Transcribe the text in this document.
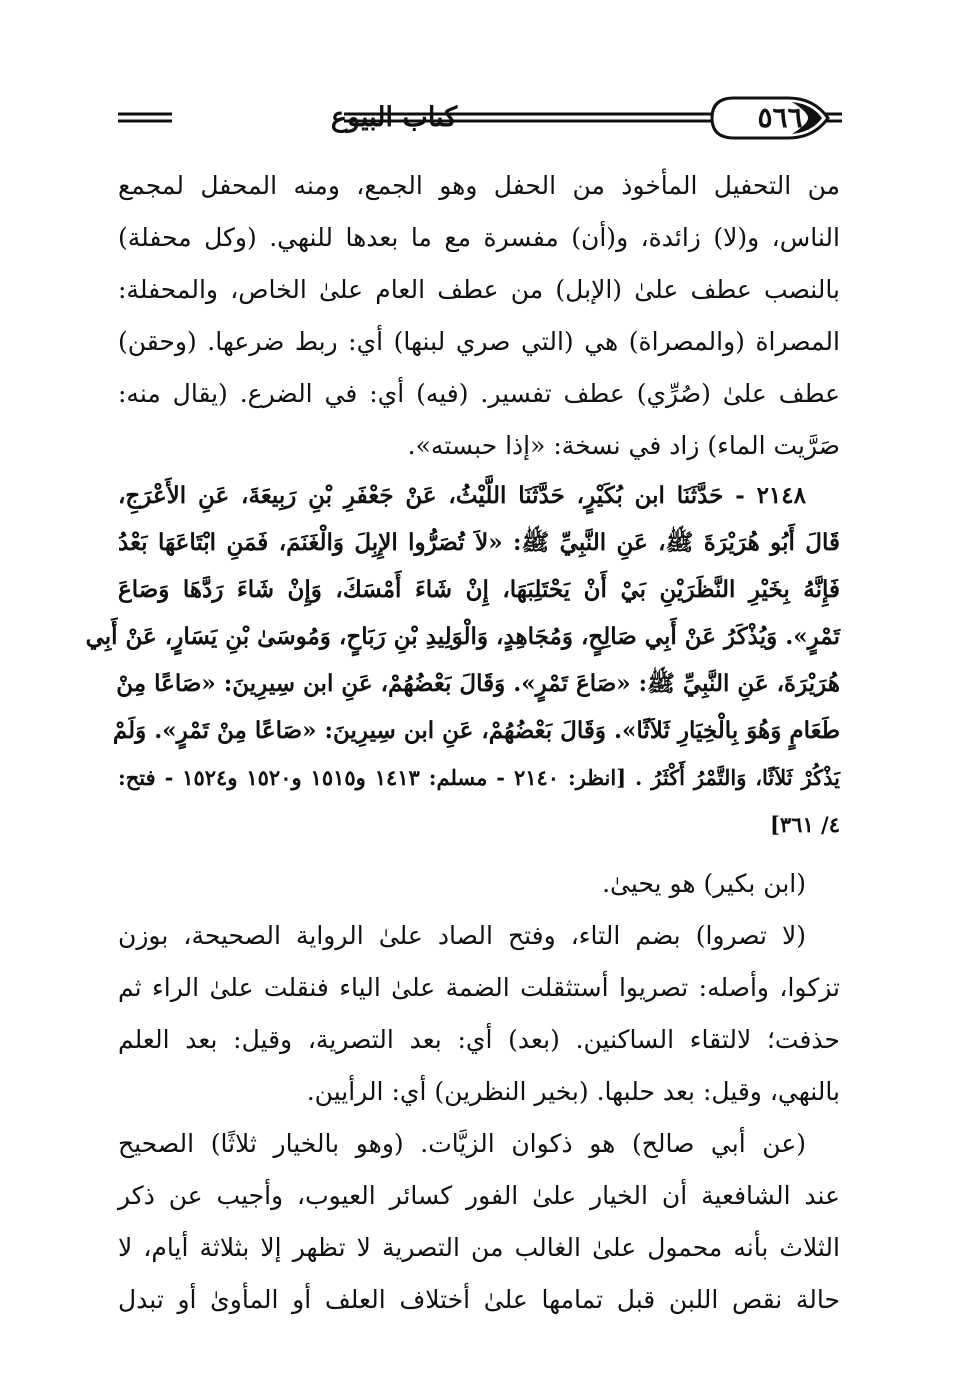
٥٦٦
كتاب البيوع
من التحفيل المأخوذ من الحفل وهو الجمع، ومنه المحفل لمجمع
الناس، و(لا) زائدة، و(أن) مفسرة مع ما بعدها للنهي. (وكل محفلة)
بالنصب عطف علىٰ (الإبل) من عطف العام علىٰ الخاص، والمحفلة:
المصراة (والمصراة) هي (التي صري لبنها) أي: ربط ضرعها. (وحقن)
عطف علىٰ (صُرِّي) عطف تفسير. (فيه) أي: في الضرع. (يقال منه:
صَرَّيت الماء) زاد في نسخة: «إذا حبسته».
٢١٤٨ - حَدَّثَنَا ابن بُكَيْرٍ، حَدَّثَنَا اللَّيْثُ، عَنْ جَعْفَرِ بْنِ رَبِيعَةَ، عَنِ الأَعْرَجِ،
قَالَ أَبُو هُرَيْرَةَ ﷺ، عَنِ النَّبِيِّ ﷺ: «لاَ تُصَرُّوا الإِبِلَ وَالْغَنَمَ، فَمَنِ ابْتَاعَهَا بَعْدُ
فَإِنَّهُ بِخَيْرِ النَّظَرَيْنِ بَيْ أَنْ يَحْتَلِبَهَا، إِنْ شَاءَ أَمْسَكَ، وَإِنْ شَاءَ رَدَّهَا وَصَاعَ
تَمْرٍ». وَيُذْكَرُ عَنْ أَبِي صَالِحٍ، وَمُجَاهِدٍ، وَالْوَلِيدِ بْنِ رَبَاحٍ، وَمُوسَىٰ بْنِ يَسَارٍ، عَنْ أَبِي
هُرَيْرَةَ، عَنِ النَّبِيِّ ﷺ: «صَاعَ تَمْرٍ». وَقَالَ بَعْضُهُمْ، عَنِ ابن سِيرِينَ: «صَاعًا مِنْ
طَعَامٍ وَهُوَ بِالْخِيَارِ ثَلاَثًا». وَقَالَ بَعْضُهُمْ، عَنِ ابن سِيرِينَ: «صَاعًا مِنْ تَمْرٍ». وَلَمْ
يَذْكُرْ ثَلاَثًا، وَالتَّمْرُ أَكْثَرُ . [انظر: ٢١٤٠ - مسلم: ١٤١٣ و١٥١٥ و١٥٢٠ و١٥٢٤ - فتح:
٤/ ٣٦١]
(ابن بكير) هو يحيىٰ.
(لا تصروا) بضم التاء، وفتح الصاد علىٰ الرواية الصحيحة، بوزن
تزكوا، وأصله: تصريوا أستثقلت الضمة علىٰ الياء فنقلت علىٰ الراء ثم
حذفت؛ لالتقاء الساكنين. (بعد) أي: بعد التصرية، وقيل: بعد العلم
بالنهي، وقيل: بعد حلبها. (بخير النظرين) أي: الرأيين.
(عن أبي صالح) هو ذكوان الزيَّات. (وهو بالخيار ثلاثًا) الصحيح
عند الشافعية أن الخيار علىٰ الفور كسائر العيوب، وأجيب عن ذكر
الثلاث بأنه محمول علىٰ الغالب من التصرية لا تظهر إلا بثلاثة أيام، لا
حالة نقص اللبن قبل تمامها علىٰ أختلاف العلف أو المأوىٰ أو تبدل
